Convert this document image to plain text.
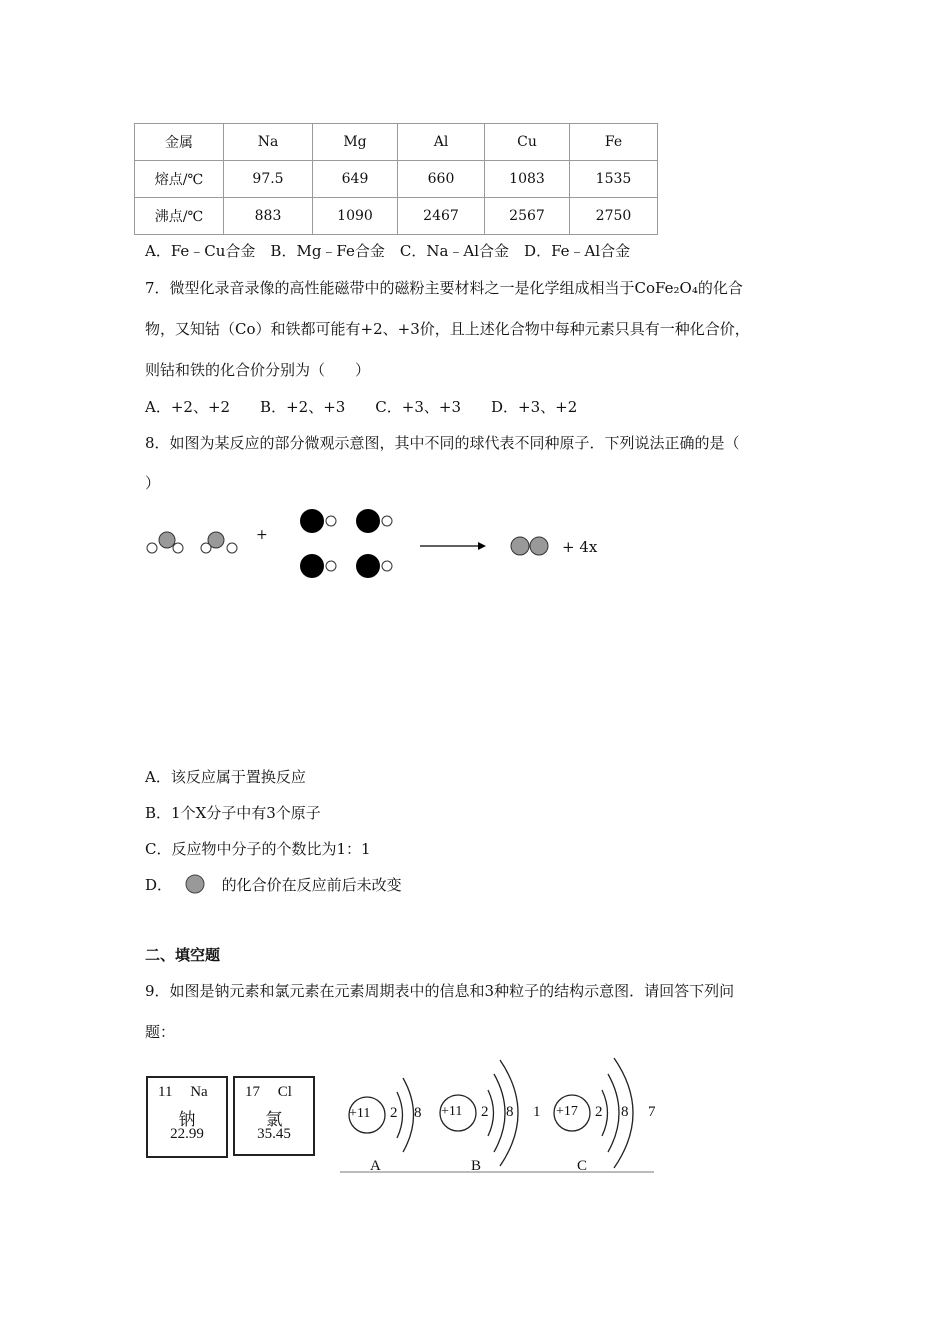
金属	Na	Mg	Al	Cu	Fe
熔点/℃	97.5	649	660	1083	1535
沸点/℃	883	1090	2467	2567	2750
A．Fe﹣Cu合金　B．Mg﹣Fe合金　C．Na﹣Al合金　D．Fe﹣Al合金
7．微型化录音录像的高性能磁带中的磁粉主要材料之一是化学组成相当于CoFe₂O₄的化合
物，又知钴（Co）和铁都可能有+2、+3价，且上述化合物中每种元素只具有一种化合价，
则钴和铁的化合价分别为（　　）
A．+2、+2　　B．+2、+3　　C．+3、+3　　D．+3、+2
8．如图为某反应的部分微观示意图，其中不同的球代表不同种原子．下列说法正确的是（
）
+
+ 4x
A．该反应属于置换反应
B．1个X分子中有3个原子
C．反应物中分子的个数比为1：1
D．	的化合价在反应前后未改变
二、填空题
9．如图是钠元素和氯元素在元素周期表中的信息和3种粒子的结构示意图．请回答下列问
题：
11 Na
钠
22.99
17 Cl
氯
35.45
+11 2 8
A
+11 2 8 1
B
+17 2 8 7
C
